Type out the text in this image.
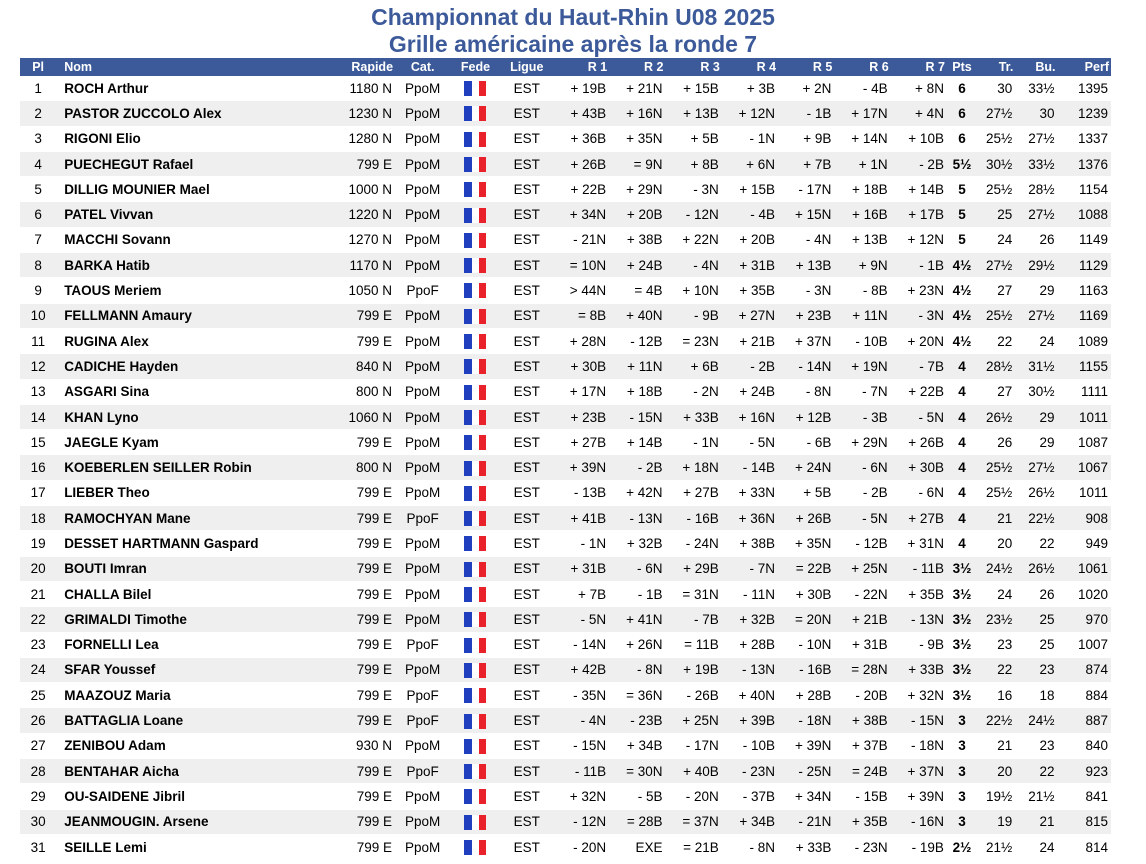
Championnat du Haut-Rhin U08 2025
Grille américaine après la ronde 7
Pl	Nom	Rapide	Cat.	Fede	Ligue	R 1	R 2	R 3	R 4	R 5	R 6	R 7	Pts	Tr.	Bu.	Perf
1	ROCH Arthur	1180 N	PpoM		EST	+ 19B	+ 21N	+ 15B	+ 3B	+ 2N	- 4B	+ 8N	6	30	33½	1395
2	PASTOR ZUCCOLO Alex	1230 N	PpoM		EST	+ 43B	+ 16N	+ 13B	+ 12N	- 1B	+ 17N	+ 4N	6	27½	30	1239
3	RIGONI Elio	1280 N	PpoM		EST	+ 36B	+ 35N	+ 5B	- 1N	+ 9B	+ 14N	+ 10B	6	25½	27½	1337
4	PUECHEGUT Rafael	799 E	PpoM		EST	+ 26B	= 9N	+ 8B	+ 6N	+ 7B	+ 1N	- 2B	5½	30½	33½	1376
5	DILLIG MOUNIER Mael	1000 N	PpoM		EST	+ 22B	+ 29N	- 3N	+ 15B	- 17N	+ 18B	+ 14B	5	25½	28½	1154
6	PATEL Vivvan	1220 N	PpoM		EST	+ 34N	+ 20B	- 12N	- 4B	+ 15N	+ 16B	+ 17B	5	25	27½	1088
7	MACCHI Sovann	1270 N	PpoM		EST	- 21N	+ 38B	+ 22N	+ 20B	- 4N	+ 13B	+ 12N	5	24	26	1149
8	BARKA Hatib	1170 N	PpoM		EST	= 10N	+ 24B	- 4N	+ 31B	+ 13B	+ 9N	- 1B	4½	27½	29½	1129
9	TAOUS Meriem	1050 N	PpoF		EST	> 44N	= 4B	+ 10N	+ 35B	- 3N	- 8B	+ 23N	4½	27	29	1163
10	FELLMANN Amaury	799 E	PpoM		EST	= 8B	+ 40N	- 9B	+ 27N	+ 23B	+ 11N	- 3N	4½	25½	27½	1169
11	RUGINA Alex	799 E	PpoM		EST	+ 28N	- 12B	= 23N	+ 21B	+ 37N	- 10B	+ 20N	4½	22	24	1089
12	CADICHE Hayden	840 N	PpoM		EST	+ 30B	+ 11N	+ 6B	- 2B	- 14N	+ 19N	- 7B	4	28½	31½	1155
13	ASGARI Sina	800 N	PpoM		EST	+ 17N	+ 18B	- 2N	+ 24B	- 8N	- 7N	+ 22B	4	27	30½	1111
14	KHAN Lyno	1060 N	PpoM		EST	+ 23B	- 15N	+ 33B	+ 16N	+ 12B	- 3B	- 5N	4	26½	29	1011
15	JAEGLE Kyam	799 E	PpoM		EST	+ 27B	+ 14B	- 1N	- 5N	- 6B	+ 29N	+ 26B	4	26	29	1087
16	KOEBERLEN SEILLER Robin	800 N	PpoM		EST	+ 39N	- 2B	+ 18N	- 14B	+ 24N	- 6N	+ 30B	4	25½	27½	1067
17	LIEBER Theo	799 E	PpoM		EST	- 13B	+ 42N	+ 27B	+ 33N	+ 5B	- 2B	- 6N	4	25½	26½	1011
18	RAMOCHYAN Mane	799 E	PpoF		EST	+ 41B	- 13N	- 16B	+ 36N	+ 26B	- 5N	+ 27B	4	21	22½	908
19	DESSET HARTMANN Gaspard	799 E	PpoM		EST	- 1N	+ 32B	- 24N	+ 38B	+ 35N	- 12B	+ 31N	4	20	22	949
20	BOUTI Imran	799 E	PpoM		EST	+ 31B	- 6N	+ 29B	- 7N	= 22B	+ 25N	- 11B	3½	24½	26½	1061
21	CHALLA Bilel	799 E	PpoM		EST	+ 7B	- 1B	= 31N	- 11N	+ 30B	- 22N	+ 35B	3½	24	26	1020
22	GRIMALDI Timothe	799 E	PpoM		EST	- 5N	+ 41N	- 7B	+ 32B	= 20N	+ 21B	- 13N	3½	23½	25	970
23	FORNELLI Lea	799 E	PpoF		EST	- 14N	+ 26N	= 11B	+ 28B	- 10N	+ 31B	- 9B	3½	23	25	1007
24	SFAR Youssef	799 E	PpoM		EST	+ 42B	- 8N	+ 19B	- 13N	- 16B	= 28N	+ 33B	3½	22	23	874
25	MAAZOUZ Maria	799 E	PpoF		EST	- 35N	= 36N	- 26B	+ 40N	+ 28B	- 20B	+ 32N	3½	16	18	884
26	BATTAGLIA Loane	799 E	PpoF		EST	- 4N	- 23B	+ 25N	+ 39B	- 18N	+ 38B	- 15N	3	22½	24½	887
27	ZENIBOU Adam	930 N	PpoM		EST	- 15N	+ 34B	- 17N	- 10B	+ 39N	+ 37B	- 18N	3	21	23	840
28	BENTAHAR Aicha	799 E	PpoF		EST	- 11B	= 30N	+ 40B	- 23N	- 25N	= 24B	+ 37N	3	20	22	923
29	OU-SAIDENE Jibril	799 E	PpoM		EST	+ 32N	- 5B	- 20N	- 37B	+ 34N	- 15B	+ 39N	3	19½	21½	841
30	JEANMOUGIN. Arsene	799 E	PpoM		EST	- 12N	= 28B	= 37N	+ 34B	- 21N	+ 35B	- 16N	3	19	21	815
31	SEILLE Lemi	799 E	PpoM		EST	- 20N	EXE	= 21B	- 8N	+ 33B	- 23N	- 19B	2½	21½	24	814
